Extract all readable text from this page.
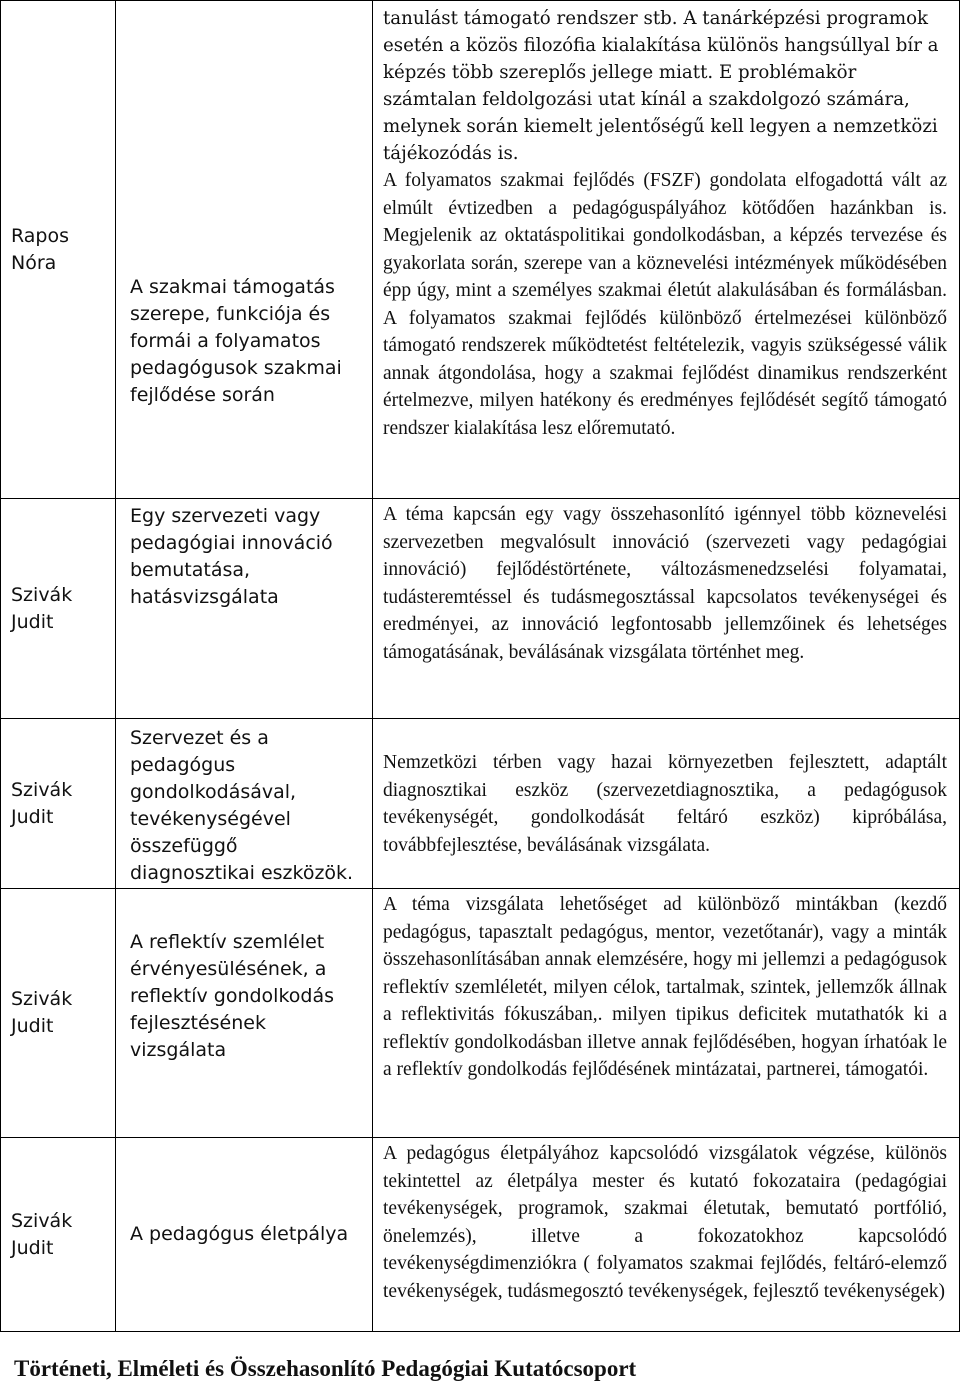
Rapos Nóra	A szakmai támogatás szerepe, funkciója és formái a folyamatos pedagógusok szakmai fejlődése során	tanulást támogató rendszer stb. A tanárképzési programok esetén a közös filozófia kialakítása különös hangsúllyal bír a képzés több szereplős jellege miatt. E problémakör számtalan feldolgozási utat kínál a szakdolgozó számára, melynek során kiemelt jelentőségű kell legyen a nemzetközi tájékozódás is.

A folyamatos szakmai fejlődés (FSZF) gondolata elfogadottá vált az elmúlt évtizedben a pedagóguspályához kötődően hazánkban is. Megjelenik az oktatáspolitikai gondolkodásban, a képzés tervezése és gyakorlata során, szerepe van a köznevelési intézmények működésében épp úgy, mint a személyes szakmai életút alakulásában és formálásban. A folyamatos szakmai fejlődés különböző értelmezései különböző támogató rendszerek működtetést feltételezik, vagyis szükségessé válik annak átgondolása, hogy a szakmai fejlődést dinamikus rendszerként értelmezve, milyen hatékony és eredményes fejlődését segítő támogató rendszer kialakítása lesz előremutató.

Szivák Judit	Egy szervezeti vagy pedagógiai innováció bemutatása, hatásvizsgálata	A téma kapcsán egy vagy összehasonlító igénnyel több köznevelési szervezetben megvalósult innováció (szervezeti vagy pedagógiai innováció) fejlődéstörténete, változásmenedzselési folyamatai, tudásteremtéssel és tudásmegosztással kapcsolatos tevékenységei és eredményei, az innováció legfontosabb jellemzőinek és lehetséges támogatásának, beválásának vizsgálata történhet meg.

Szivák Judit	Szervezet és a pedagógus gondolkodásával, tevékenységével összefüggő diagnosztikai eszközök.	Nemzetközi térben vagy hazai környezetben fejlesztett, adaptált diagnosztikai eszköz (szervezetdiagnosztika, a pedagógusok tevékenységét, gondolkodását feltáró eszköz) kipróbálása, továbbfejlesztése, beválásának vizsgálata.

Szivák Judit	A reflektív szemlélet érvényesülésének, a reflektív gondolkodás fejlesztésének vizsgálata	A téma vizsgálata lehetőséget ad különböző mintákban (kezdő pedagógus, tapasztalt pedagógus, mentor, vezetőtanár), vagy a minták összehasonlításában annak elemzésére, hogy mi jellemzi a pedagógusok reflektív szemléletét, milyen célok, tartalmak, szintek, jellemzők állnak a reflektivitás fókuszában,. milyen tipikus deficitek mutathatók ki a reflektív gondolkodásban illetve annak fejlődésében, hogyan írhatóak le a reflektív gondolkodás fejlődésének mintázatai, partnerei, támogatói.

Szivák Judit	A pedagógus életpálya	A pedagógus életpályához kapcsolódó vizsgálatok végzése, különös tekintettel az életpálya mester és kutató fokozataira (pedagógiai tevékenységek, programok, szakmai életutak, bemutató portfólió, önelemzés), illetve a fokozatokhoz kapcsolódó tevékenységdimenziókra ( folyamatos szakmai fejlődés, feltáró-elemző tevékenységek, tudásmegosztó tevékenységek, fejlesztő tevékenységek)

Történeti, Elméleti és Összehasonlító Pedagógiai Kutatócsoport
